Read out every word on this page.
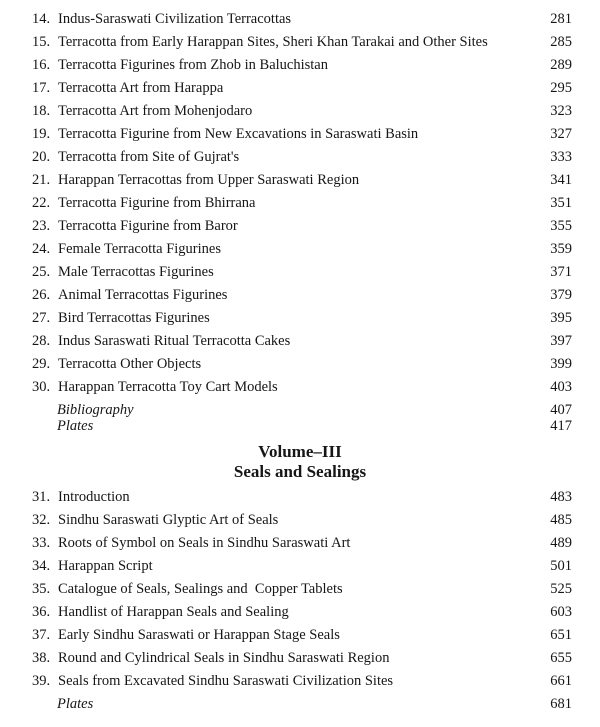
14. Indus-Saraswati Civilization Terracottas	281
15. Terracotta from Early Harappan Sites, Sheri Khan Tarakai and Other Sites	285
16. Terracotta Figurines from Zhob in Baluchistan	289
17. Terracotta Art from Harappa	295
18. Terracotta Art from Mohenjodaro	323
19. Terracotta Figurine from New Excavations in Saraswati Basin	327
20. Terracotta from Site of Gujrat's	333
21. Harappan Terracottas from Upper Saraswati Region	341
22. Terracotta Figurine from Bhirrana	351
23. Terracotta Figurine from Baror	355
24. Female Terracotta Figurines	359
25. Male Terracottas Figurines	371
26. Animal Terracottas Figurines	379
27. Bird Terracottas Figurines	395
28. Indus Saraswati Ritual Terracotta Cakes	397
29. Terracotta Other Objects	399
30. Harappan Terracotta Toy Cart Models	403
Bibliography	407
Plates	417
Volume–III
Seals and Sealings
31. Introduction	483
32. Sindhu Saraswati Glyptic Art of Seals	485
33. Roots of Symbol on Seals in Sindhu Saraswati Art	489
34. Harappan Script	501
35. Catalogue of Seals, Sealings and  Copper Tablets	525
36. Handlist of Harappan Seals and Sealing	603
37. Early Sindhu Saraswati or Harappan Stage Seals	651
38. Round and Cylindrical Seals in Sindhu Saraswati Region	655
39. Seals from Excavated Sindhu Saraswati Civilization Sites	661
Plates	681
